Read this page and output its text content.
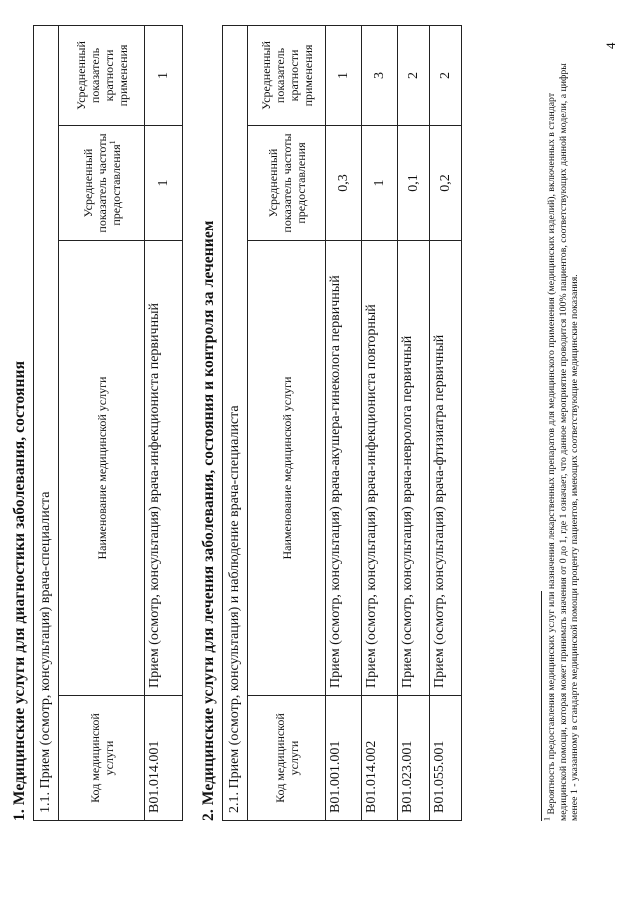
1. Медицинские услуги для диагностики заболевания, состояния 1.1. Прием (осмотр, консультация) врача-специалиста			
Код медицинской услуги	Наименование медицинской услуги	Усредненный показатель частоты предоставления$^1$	Усредненный показатель кратности применения
B01.014.001	Прием (осмотр, консультация) врача-инфекциониста первичный	1	1
2. Медицинские услуги для лечения заболевания, состояния и контроля за лечением 2.1. Прием (осмотр, консультация) и наблюдение врача-специалиста			
Код медицинской услуги	Наименование медицинской услуги	Усредненный показатель частоты предоставления	Усредненный показатель кратности применения
B01.001.001	Прием (осмотр, консультация) врача-акушера-гинеколога первичный	0,3	1
B01.014.002	Прием (осмотр, консультация) врача-инфекциониста повторный	1	3
B01.023.001	Прием (осмотр, консультация) врача-невролога первичный	0,1	2
B01.055.001	Прием (осмотр, консультация) врача-фтизиатра первичный	0,2	2
$^1$ Вероятность предоставления медицинских услуг или назначения лекарственных препаратов для медицинского применения (медицинских изделий), включенных в стандарт медицинской помощи, которая может принимать значения от 0 до 1, где 1 означает, что данное мероприятие проводится 100% пациентов, соответствующих данной модели, а цифры менее 1 - указанному в стандарте медицинской помощи проценту пациентов, имеющих соответствующие медицинские показания.
4
